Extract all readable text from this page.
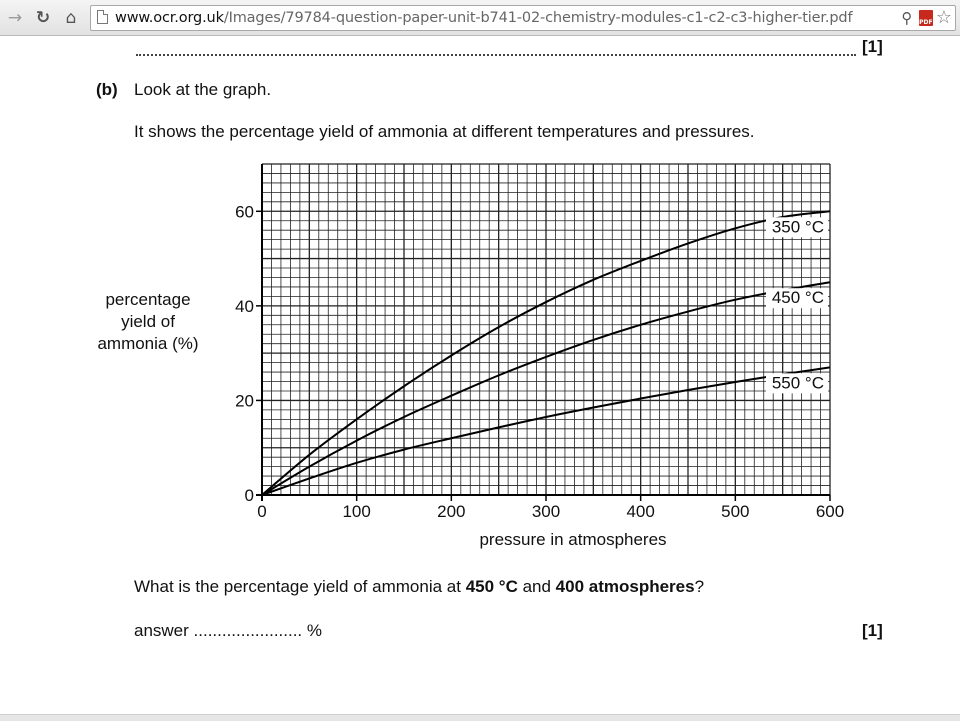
→ ↻ ⌂	www.ocr.org.uk/Images/79784-question-paper-unit-b741-02-chemistry-modules-c1-c2-c3-higher-tier.pdf	⚲	PDF ☆
[1]
(b) Look at the graph.
It shows the percentage yield of ammonia at different temperatures and pressures.
0	100	200	300	400	500	600
0
20
40
60
350 °C
450 °C
550 °C
pressure in atmospheres
percentage
yield of
ammonia (%)
What is the percentage yield of ammonia at 450 °C and 400 atmospheres?
answer ....................... %	[1]
